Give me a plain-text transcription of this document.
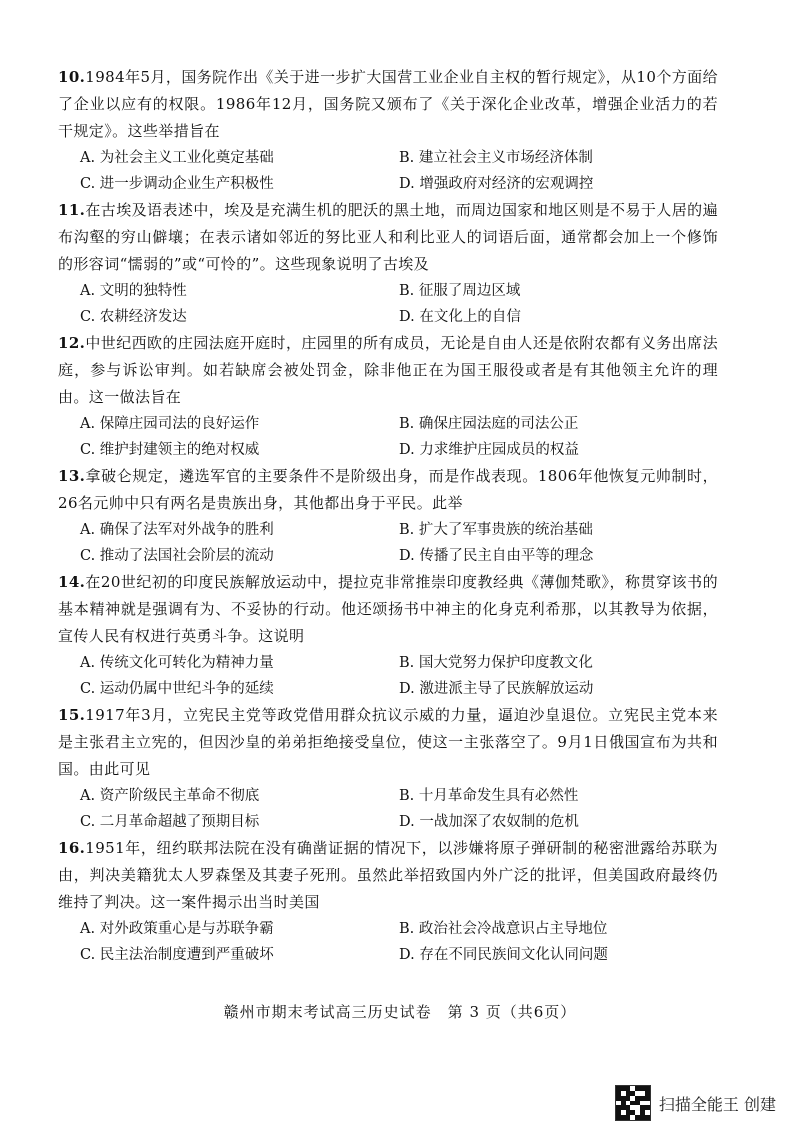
10.1984年5月，国务院作出《关于进一步扩大国营工业企业自主权的暂行规定》，从10个方面给了企业以应有的权限。1986年12月，国务院又颁布了《关于深化企业改革，增强企业活力的若干规定》。这些举措旨在
A. 为社会主义工业化奠定基础	B. 建立社会主义市场经济体制
C. 进一步调动企业生产积极性	D. 增强政府对经济的宏观调控
11.在古埃及语表述中，埃及是充满生机的肥沃的黑土地，而周边国家和地区则是不易于人居的遍布沟壑的穷山僻壤；在表示诸如邻近的努比亚人和利比亚人的词语后面，通常都会加上一个修饰的形容词“懦弱的”或“可怜的”。这些现象说明了古埃及
A. 文明的独特性	B. 征服了周边区域
C. 农耕经济发达	D. 在文化上的自信
12.中世纪西欧的庄园法庭开庭时，庄园里的所有成员，无论是自由人还是依附农都有义务出席法庭，参与诉讼审判。如若缺席会被处罚金，除非他正在为国王服役或者是有其他领主允许的理由。这一做法旨在
A. 保障庄园司法的良好运作	B. 确保庄园法庭的司法公正
C. 维护封建领主的绝对权威	D. 力求维护庄园成员的权益
13.拿破仑规定，遴选军官的主要条件不是阶级出身，而是作战表现。1806年他恢复元帅制时，26名元帅中只有两名是贵族出身，其他都出身于平民。此举
A. 确保了法军对外战争的胜利	B. 扩大了军事贵族的统治基础
C. 推动了法国社会阶层的流动	D. 传播了民主自由平等的理念
14.在20世纪初的印度民族解放运动中，提拉克非常推崇印度教经典《薄伽梵歌》，称贯穿该书的基本精神就是强调有为、不妥协的行动。他还颂扬书中神主的化身克利希那，以其教导为依据，宣传人民有权进行英勇斗争。这说明
A. 传统文化可转化为精神力量	B. 国大党努力保护印度教文化
C. 运动仍属中世纪斗争的延续	D. 激进派主导了民族解放运动
15.1917年3月，立宪民主党等政党借用群众抗议示威的力量，逼迫沙皇退位。立宪民主党本来是主张君主立宪的，但因沙皇的弟弟拒绝接受皇位，使这一主张落空了。9月1日俄国宣布为共和国。由此可见
A. 资产阶级民主革命不彻底	B. 十月革命发生具有必然性
C. 二月革命超越了预期目标	D. 一战加深了农奴制的危机
16.1951年，纽约联邦法院在没有确凿证据的情况下，以涉嫌将原子弹研制的秘密泄露给苏联为由，判决美籍犹太人罗森堡及其妻子死刑。虽然此举招致国内外广泛的批评，但美国政府最终仍维持了判决。这一案件揭示出当时美国
A. 对外政策重心是与苏联争霸	B. 政治社会冷战意识占主导地位
C. 民主法治制度遭到严重破坏	D. 存在不同民族间文化认同问题
赣州市期末考试高三历史试卷　第 3 页（共6页）
扫描全能王 创建
